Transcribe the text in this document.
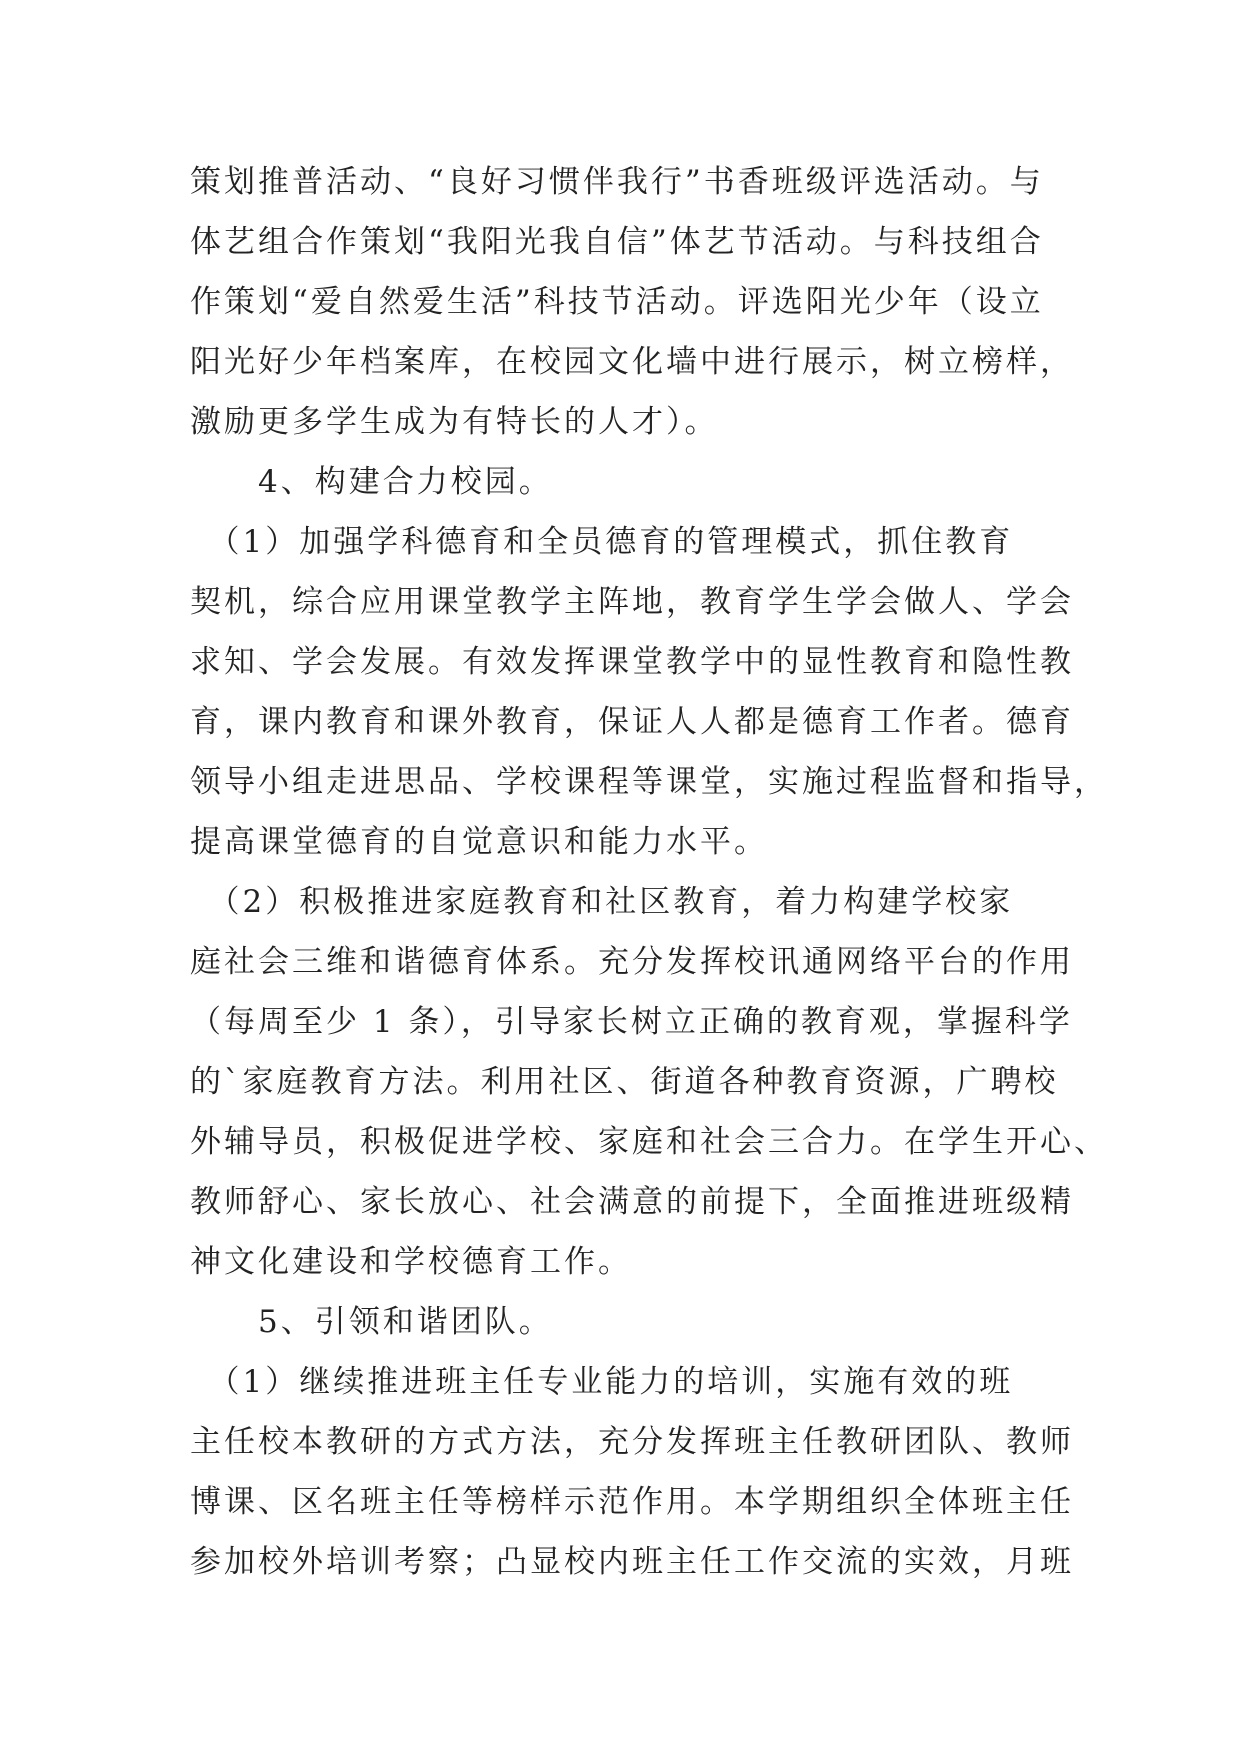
策划推普活动、“良好习惯伴我行”书香班级评选活动。与
体艺组合作策划“我阳光我自信”体艺节活动。与科技组合
作策划“爱自然爱生活”科技节活动。评选阳光少年（设立
阳光好少年档案库，在校园文化墙中进行展示，树立榜样，
激励更多学生成为有特长的人才）。
　　4、构建合力校园。
　（1）加强学科德育和全员德育的管理模式，抓住教育
契机，综合应用课堂教学主阵地，教育学生学会做人、学会
求知、学会发展。有效发挥课堂教学中的显性教育和隐性教
育，课内教育和课外教育，保证人人都是德育工作者。德育
领导小组走进思品、学校课程等课堂，实施过程监督和指导，
提高课堂德育的自觉意识和能力水平。
　（2）积极推进家庭教育和社区教育，着力构建学校家
庭社会三维和谐德育体系。充分发挥校讯通网络平台的作用
（每周至少 1 条），引导家长树立正确的教育观，掌握科学
的`家庭教育方法。利用社区、街道各种教育资源，广聘校
外辅导员，积极促进学校、家庭和社会三合力。在学生开心、
教师舒心、家长放心、社会满意的前提下，全面推进班级精
神文化建设和学校德育工作。
　　5、引领和谐团队。
　（1）继续推进班主任专业能力的培训，实施有效的班
主任校本教研的方式方法，充分发挥班主任教研团队、教师
博课、区名班主任等榜样示范作用。本学期组织全体班主任
参加校外培训考察；凸显校内班主任工作交流的实效，月班
